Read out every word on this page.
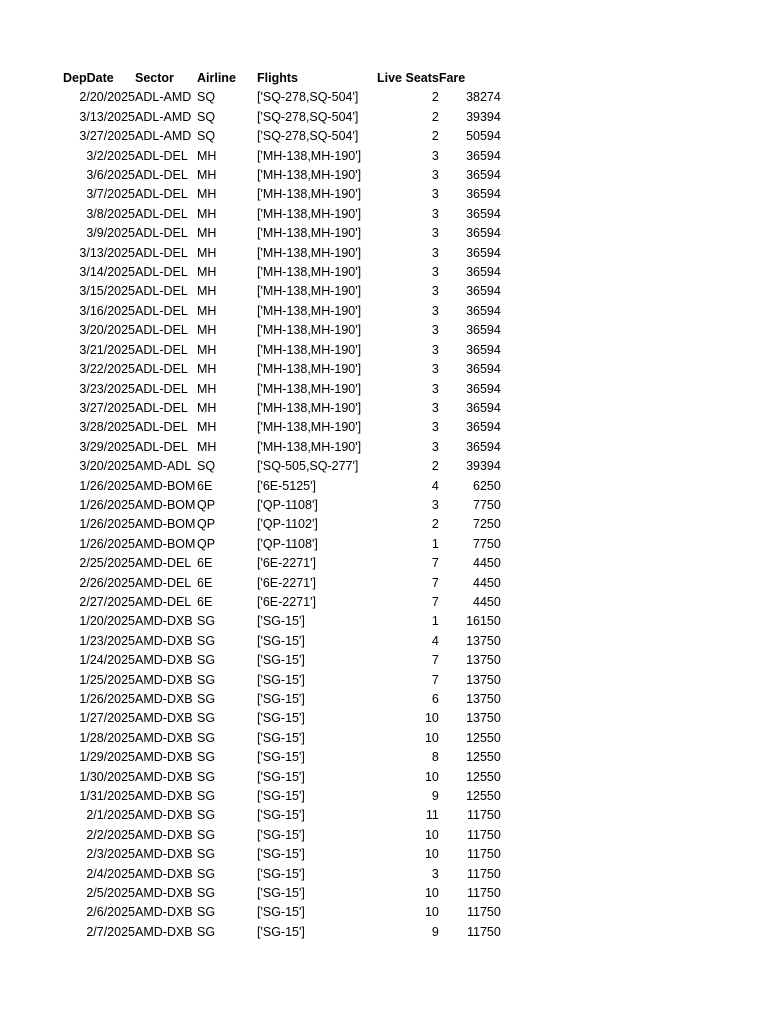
DepDate	Sector	Airline	Flights	Live Seats	Fare
2/20/2025	ADL-AMD	SQ	['SQ-278,SQ-504']	2	38274
3/13/2025	ADL-AMD	SQ	['SQ-278,SQ-504']	2	39394
3/27/2025	ADL-AMD	SQ	['SQ-278,SQ-504']	2	50594
3/2/2025	ADL-DEL	MH	['MH-138,MH-190']	3	36594
3/6/2025	ADL-DEL	MH	['MH-138,MH-190']	3	36594
3/7/2025	ADL-DEL	MH	['MH-138,MH-190']	3	36594
3/8/2025	ADL-DEL	MH	['MH-138,MH-190']	3	36594
3/9/2025	ADL-DEL	MH	['MH-138,MH-190']	3	36594
3/13/2025	ADL-DEL	MH	['MH-138,MH-190']	3	36594
3/14/2025	ADL-DEL	MH	['MH-138,MH-190']	3	36594
3/15/2025	ADL-DEL	MH	['MH-138,MH-190']	3	36594
3/16/2025	ADL-DEL	MH	['MH-138,MH-190']	3	36594
3/20/2025	ADL-DEL	MH	['MH-138,MH-190']	3	36594
3/21/2025	ADL-DEL	MH	['MH-138,MH-190']	3	36594
3/22/2025	ADL-DEL	MH	['MH-138,MH-190']	3	36594
3/23/2025	ADL-DEL	MH	['MH-138,MH-190']	3	36594
3/27/2025	ADL-DEL	MH	['MH-138,MH-190']	3	36594
3/28/2025	ADL-DEL	MH	['MH-138,MH-190']	3	36594
3/29/2025	ADL-DEL	MH	['MH-138,MH-190']	3	36594
3/20/2025	AMD-ADL	SQ	['SQ-505,SQ-277']	2	39394
1/26/2025	AMD-BOM	6E	['6E-5125']	4	6250
1/26/2025	AMD-BOM	QP	['QP-1108']	3	7750
1/26/2025	AMD-BOM	QP	['QP-1102']	2	7250
1/26/2025	AMD-BOM	QP	['QP-1108']	1	7750
2/25/2025	AMD-DEL	6E	['6E-2271']	7	4450
2/26/2025	AMD-DEL	6E	['6E-2271']	7	4450
2/27/2025	AMD-DEL	6E	['6E-2271']	7	4450
1/20/2025	AMD-DXB	SG	['SG-15']	1	16150
1/23/2025	AMD-DXB	SG	['SG-15']	4	13750
1/24/2025	AMD-DXB	SG	['SG-15']	7	13750
1/25/2025	AMD-DXB	SG	['SG-15']	7	13750
1/26/2025	AMD-DXB	SG	['SG-15']	6	13750
1/27/2025	AMD-DXB	SG	['SG-15']	10	13750
1/28/2025	AMD-DXB	SG	['SG-15']	10	12550
1/29/2025	AMD-DXB	SG	['SG-15']	8	12550
1/30/2025	AMD-DXB	SG	['SG-15']	10	12550
1/31/2025	AMD-DXB	SG	['SG-15']	9	12550
2/1/2025	AMD-DXB	SG	['SG-15']	11	11750
2/2/2025	AMD-DXB	SG	['SG-15']	10	11750
2/3/2025	AMD-DXB	SG	['SG-15']	10	11750
2/4/2025	AMD-DXB	SG	['SG-15']	3	11750
2/5/2025	AMD-DXB	SG	['SG-15']	10	11750
2/6/2025	AMD-DXB	SG	['SG-15']	10	11750
2/7/2025	AMD-DXB	SG	['SG-15']	9	11750
